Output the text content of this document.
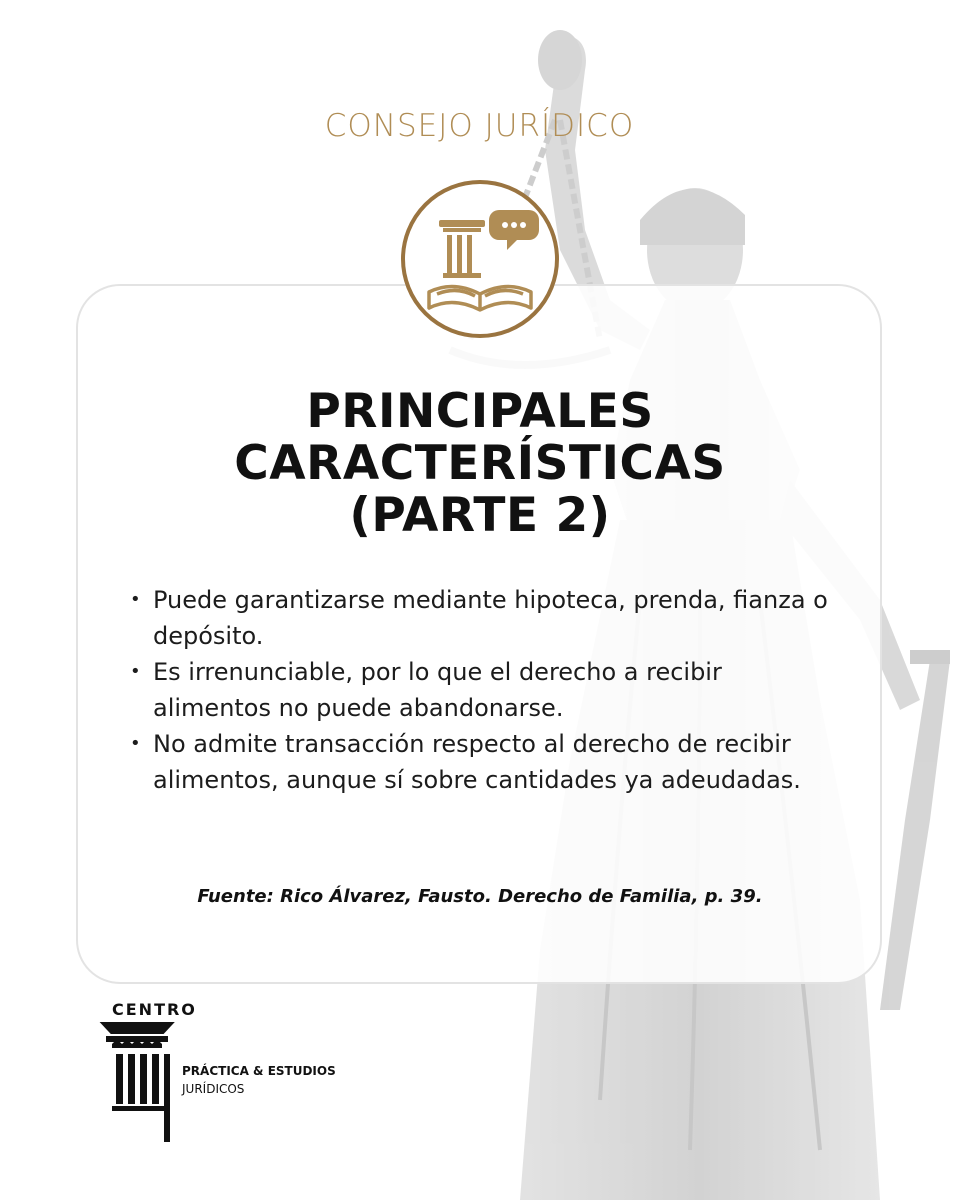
CONSEJO JURÍDICO
PRINCIPALES
CARACTERÍSTICAS
(PARTE 2)
• Puede garantizarse mediante hipoteca, prenda, fianza o depósito.
• Es irrenunciable, por lo que el derecho a recibir alimentos no puede abandonarse.
• No admite transacción respecto al derecho de recibir alimentos, aunque sí sobre cantidades ya adeudadas.
Fuente: Rico Álvarez, Fausto. Derecho de Familia, p. 39.
CENTRO
PRÁCTICA & ESTUDIOS
JURÍDICOS
